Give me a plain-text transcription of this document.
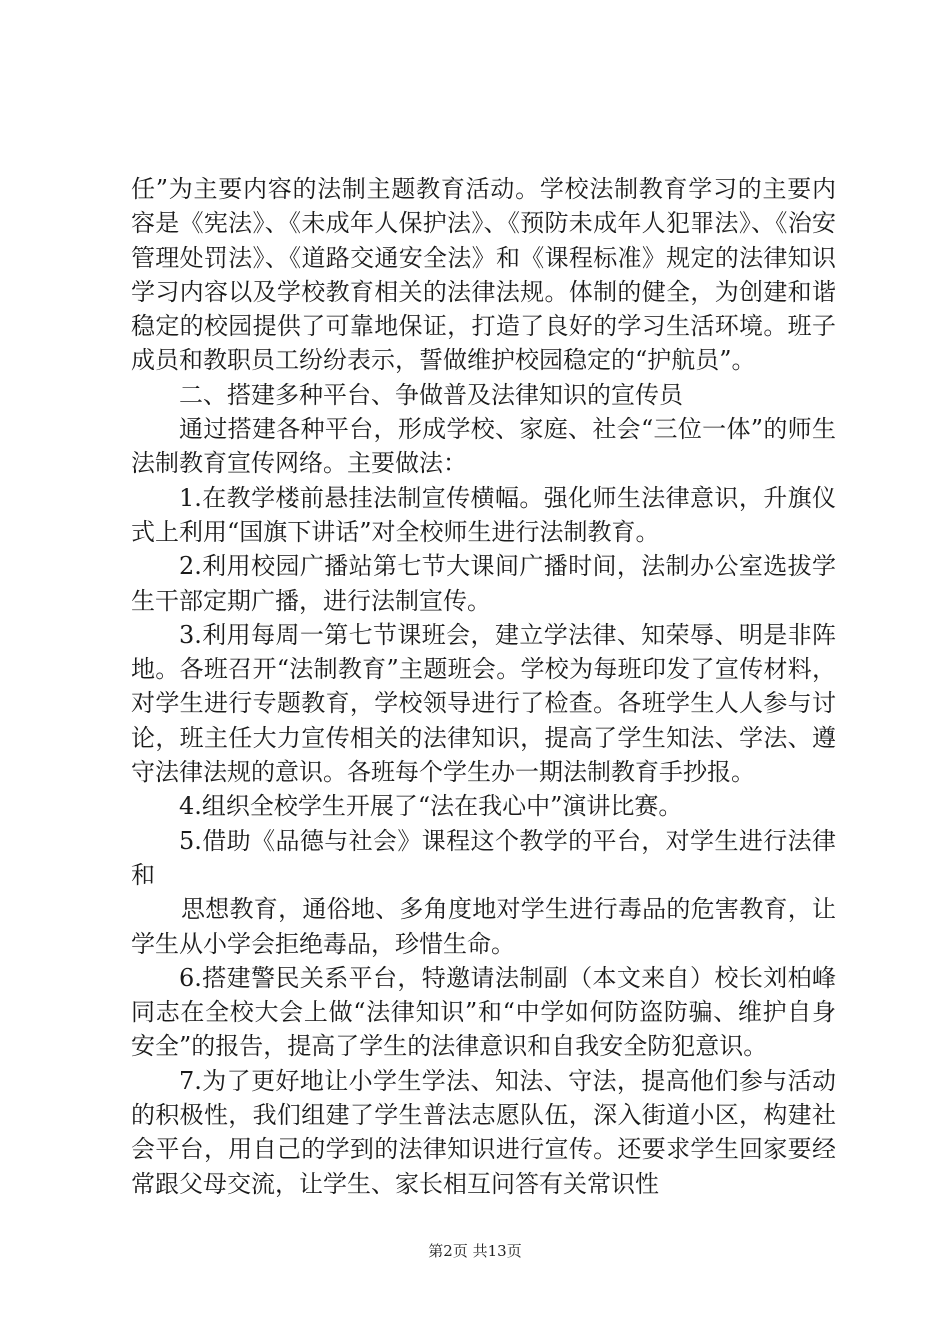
任”为主要内容的法制主题教育活动。学校法制教育学习的主要内容是《宪法》、《未成年人保护法》、《预防未成年人犯罪法》、《治安管理处罚法》、《道路交通安全法》和《课程标准》规定的法律知识学习内容以及学校教育相关的法律法规。体制的健全，为创建和谐稳定的校园提供了可靠地保证，打造了良好的学习生活环境。班子成员和教职员工纷纷表示，誓做维护校园稳定的“护航员”。

二、搭建多种平台、争做普及法律知识的宣传员

通过搭建各种平台，形成学校、家庭、社会“三位一体”的师生法制教育宣传网络。主要做法：

1.在教学楼前悬挂法制宣传横幅。强化师生法律意识，升旗仪式上利用“国旗下讲话”对全校师生进行法制教育。

2.利用校园广播站第七节大课间广播时间，法制办公室选拔学生干部定期广播，进行法制宣传。

3.利用每周一第七节课班会，建立学法律、知荣辱、明是非阵地。各班召开“法制教育”主题班会。学校为每班印发了宣传材料，对学生进行专题教育，学校领导进行了检查。各班学生人人参与讨论，班主任大力宣传相关的法律知识，提高了学生知法、学法、遵守法律法规的意识。各班每个学生办一期法制教育手抄报。

4.组织全校学生开展了“法在我心中”演讲比赛。

5.借助《品德与社会》课程这个教学的平台，对学生进行法律和

思想教育，通俗地、多角度地对学生进行毒品的危害教育，让学生从小学会拒绝毒品，珍惜生命。

6.搭建警民关系平台，特邀请法制副（本文来自）校长刘柏峰同志在全校大会上做“法律知识”和“中学如何防盗防骗、维护自身安全”的报告，提高了学生的法律意识和自我安全防犯意识。

7.为了更好地让小学生学法、知法、守法，提高他们参与活动的积极性，我们组建了学生普法志愿队伍，深入街道小区，构建社会平台，用自己的学到的法律知识进行宣传。还要求学生回家要经常跟父母交流，让学生、家长相互问答有关常识性

第2页 共13页
